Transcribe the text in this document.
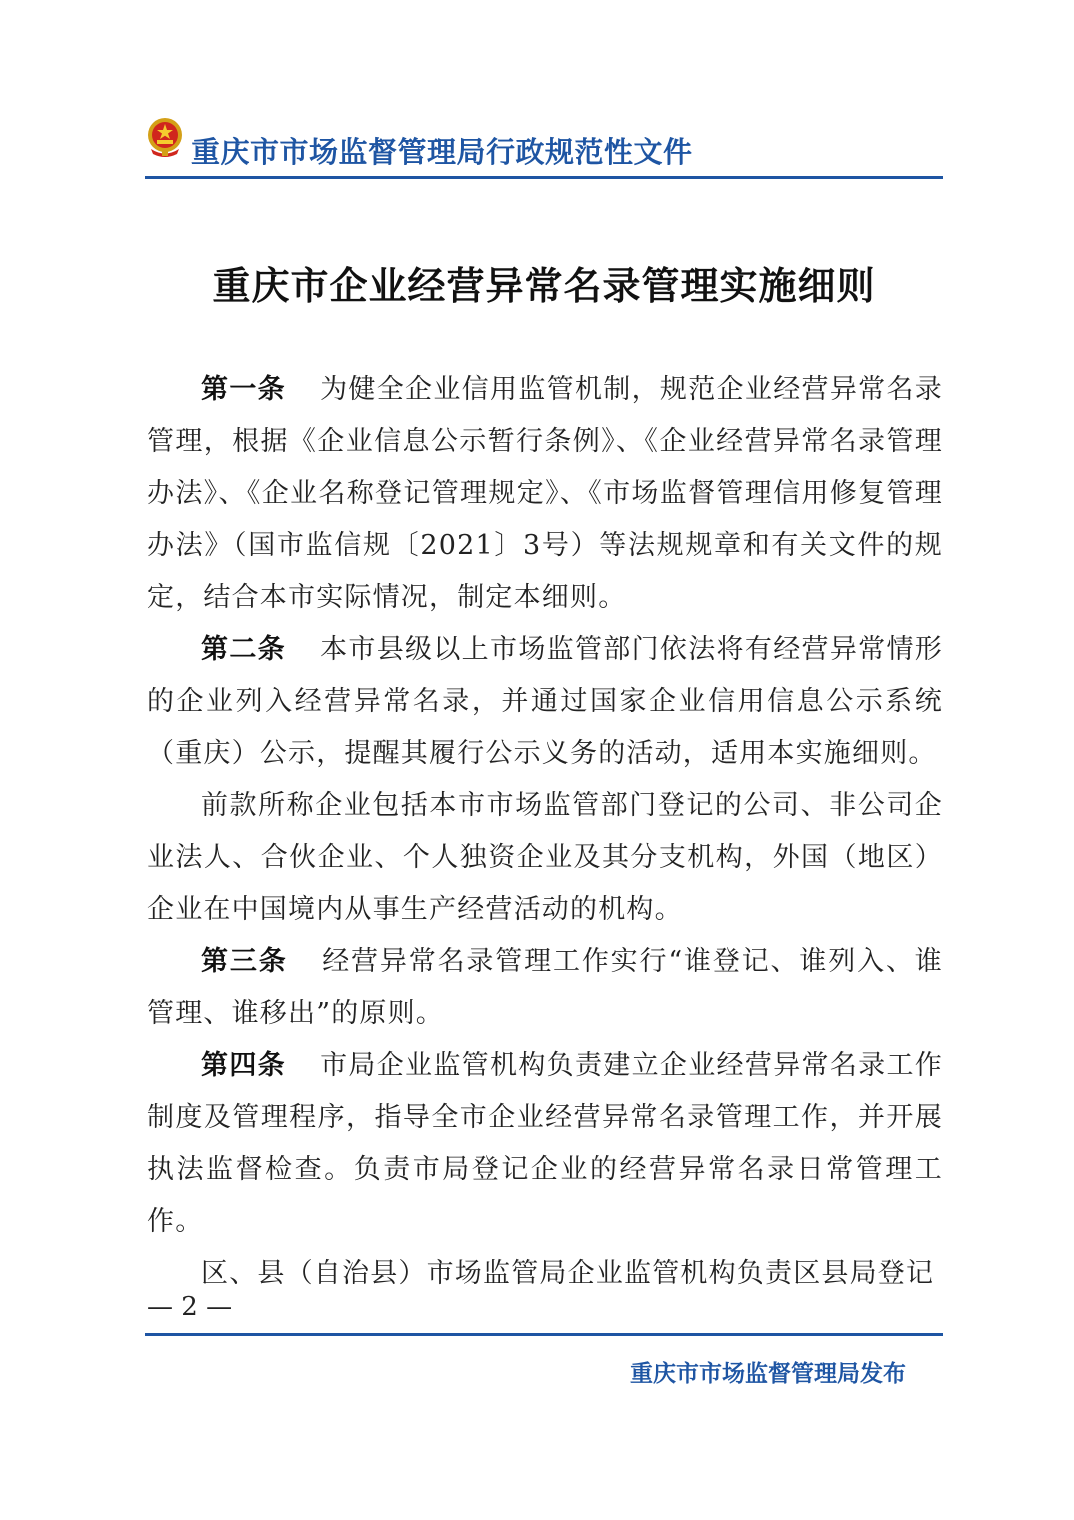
重庆市市场监督管理局行政规范性文件
重庆市企业经营异常名录管理实施细则

第一条 为健全企业信用监管机制，规范企业经营异常名录管理，根据《企业信息公示暂行条例》、《企业经营异常名录管理办法》、《企业名称登记管理规定》、《市场监督管理信用修复管理办法》（国市监信规〔2021〕3号）等法规规章和有关文件的规定，结合本市实际情况，制定本细则。

第二条 本市县级以上市场监管部门依法将有经营异常情形的企业列入经营异常名录，并通过国家企业信用信息公示系统（重庆）公示，提醒其履行公示义务的活动，适用本实施细则。

前款所称企业包括本市市场监管部门登记的公司、非公司企业法人、合伙企业、个人独资企业及其分支机构，外国（地区）企业在中国境内从事生产经营活动的机构。

第三条 经营异常名录管理工作实行“谁登记、谁列入、谁管理、谁移出”的原则。

第四条 市局企业监管机构负责建立企业经营异常名录工作制度及管理程序，指导全市企业经营异常名录管理工作，并开展执法监督检查。负责市局登记企业的经营异常名录日常管理工作。

区、县（自治县）市场监管局企业监管机构负责区县局登记

— 2 —
重庆市市场监督管理局发布
